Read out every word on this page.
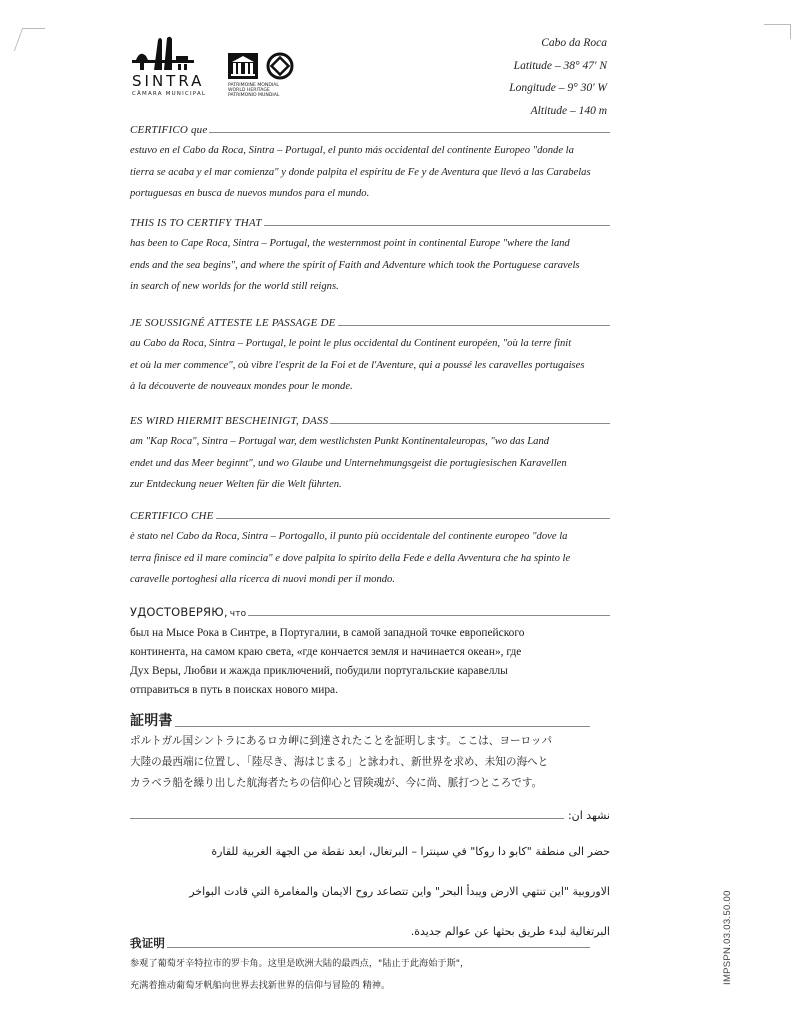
SINTRA
CÂMARA MUNICIPAL
PATRIMOINE MONDIAL
WORLD HERITAGE
PATRIMONIO MUNDIAL
Cabo da Roca
Latitude – 38° 47' N
Longitude – 9° 30' W
Altitude – 140 m
CERTIFICO que

estuvo en el Cabo da Roca, Sintra – Portugal, el punto más occidental del continente Europeo "donde la

tierra se acaba y el mar comienza" y donde palpita el espíritu de Fe y de Aventura que llevó a las Carabelas

portuguesas en busca de nuevos mundos para el mundo.

THIS IS TO CERTIFY THAT

has been to Cape Roca, Sintra – Portugal, the westernmost point in continental Europe "where the land

ends and the sea begins", and where the spirit of Faith and Adventure which took the Portuguese caravels

in search of new worlds for the world still reigns.

JE SOUSSIGNÉ ATTESTE LE PASSAGE DE

au Cabo da Roca, Sintra – Portugal, le point le plus occidental du Continent européen, "où la terre finit

et où la mer commence", où vibre l'esprit de la Foi et de l'Aventure, qui a poussé les caravelles portugaises

à la découverte de nouveaux mondes pour le monde.

ES WIRD HIERMIT BESCHEINIGT, DASS

am "Kap Roca", Sintra – Portugal war, dem westlichsten Punkt Kontinentaleuropas, "wo das Land

endet und das Meer beginnt", und wo Glaube und Unternehmungsgeist die portugiesischen Karavellen

zur Entdeckung neuer Welten für die Welt führten.

CERTIFICO CHE

è stato nel Cabo da Roca, Sintra – Portogallo, il punto più occidentale del continente europeo "dove la

terra finisce ed il mare comincia" e dove palpita lo spirito della Fede e della Avventura che ha spinto le

caravelle portoghesi alla ricerca di nuovi mondi per il mondo.

УДОСТОВЕРЯЮ, что

был на Мысе Рока в Синтре, в Португалии, в самой западной точке европейского

континента, на самом краю света, «где кончается земля и начинается океан», где

Дух Веры, Любви и жажда приключений, побудили португальские каравеллы

отправиться в путь в поисках нового мира.

証明書

ポルトガル国シントラにあるロカ岬に到達されたことを証明します。ここは、ヨーロッパ

大陸の最西端に位置し、「陸尽き、海はじまる」と詠われ、新世界を求め、未知の海へと

カラベラ船を繰り出した航海者たちの信仰心と冒険魂が、今に尚、脈打つところです。

نشهد ان:

حضر الى منطقة "كابو دا روكا" في سينترا – البرتغال، ابعد نقطة من الجهة الغربية للقارة

الاوروبية "اين تنتهي الارض ويبدأ البحر" واين تتصاعد روح الايمان والمغامرة التي قادت البواخر

البرتغالية لبدء طريق بحثها عن عوالم جديدة.

我证明

参观了葡萄牙辛特拉市的罗卡角。这里是欧洲大陆的最西点，"陆止于此海始于斯"，

充满着推动葡萄牙帆船向世界去找新世界的信仰与冒险的 精神。

IMPSPN.03.03.50.00
